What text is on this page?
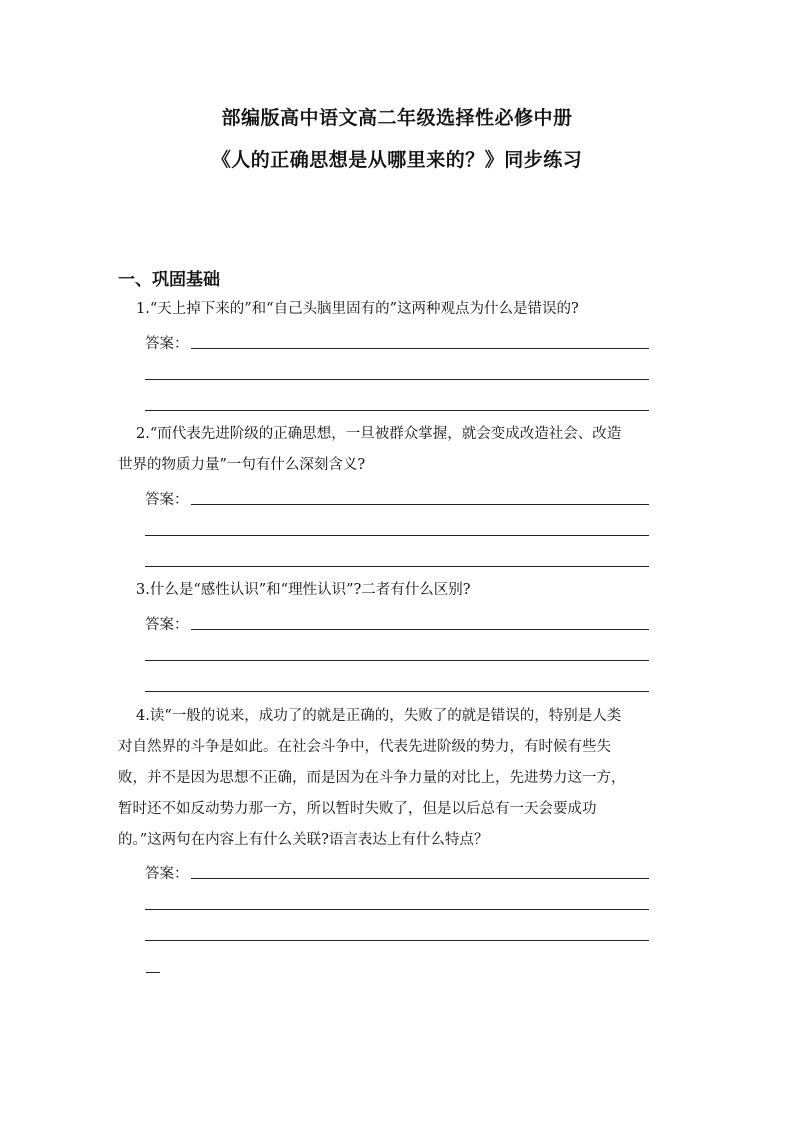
部编版高中语文高二年级选择性必修中册
《人的正确思想是从哪里来的？》同步练习
一、巩固基础
1.“天上掉下来的”和“自己头脑里固有的”这两种观点为什么是错误的?
答案：
2.“而代表先进阶级的正确思想，一旦被群众掌握，就会变成改造社会、改造
世界的物质力量”一句有什么深刻含义?
答案：
3.什么是“感性认识”和“理性认识”?二者有什么区别?
答案：
4.读“一般的说来，成功了的就是正确的，失败了的就是错误的，特别是人类
对自然界的斗争是如此。在社会斗争中，代表先进阶级的势力，有时候有些失
败，并不是因为思想不正确，而是因为在斗争力量的对比上，先进势力这一方，
暂时还不如反动势力那一方，所以暂时失败了，但是以后总有一天会要成功
的。”这两句在内容上有什么关联?语言表达上有什么特点？
答案：
